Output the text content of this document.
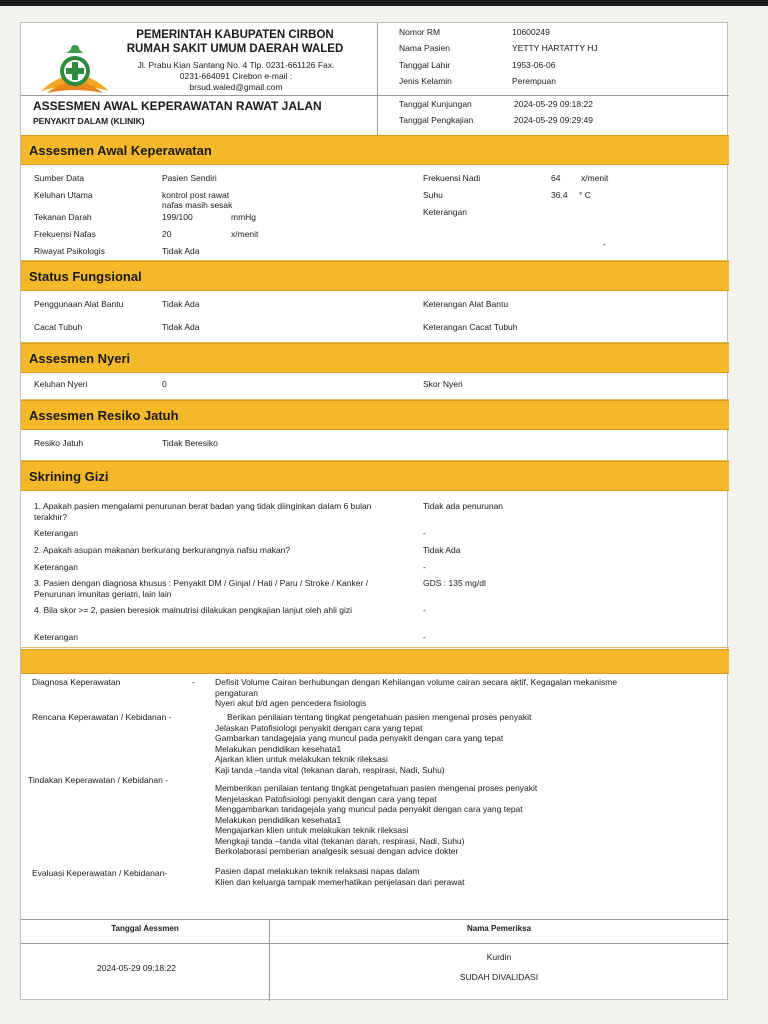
PEMERINTAH KABUPATEN CIRBON
RUMAH SAKIT UMUM DAERAH WALED
Jl. Prabu Kian Santang No. 4 Tlp. 0231-661126 Fax.
0231-664091 Cirebon e-mail :
brsud.waled@gmail.com
ASSESMEN AWAL KEPERAWATAN RAWAT JALAN
PENYAKIT DALAM (KLINIK)
Nomor RM	10600249
Nama Pasien	YETTY HARTATTY HJ
Tanggal Lahir	1953-06-06
Jenis Kelamin	Perempuan
Tanggal Kunjungan	2024-05-29 09:18:22
Tanggal Pengkajian	2024-05-29 09:29:49
Assesmen Awal Keperawatan
Sumber Data	Pasien Sendiri
Keluhan Utama	kontrol post rawat
nafas masih sesak
Tekanan Darah	199/100	mmHg
Frekuensi Nafas	20	x/menit
Riwayat Psikologis	Tidak Ada
Frekuensi Nadi	64 x/menit
Suhu	36.4 ° C
Keterangan
-
Status Fungsional
Penggunaan Alat Bantu	Tidak Ada	Keterangan Alat Bantu
Cacat Tubuh	Tidak Ada	Keterangan Cacat Tubuh
Assesmen Nyeri
Keluhan Nyeri	0	Skor Nyeri
Assesmen Resiko Jatuh
Resiko Jatuh	Tidak Beresiko
Skrining Gizi
1. Apakah pasien mengalami penurunan berat badan yang tidak diinginkan dalam 6 bulan terakhir?
Tidak ada penurunan
Keterangan	-
2. Apakah asupan makanan berkurang berkurangnya nafsu makan?	Tidak Ada
Keterangan	-
3. Pasien dengan diagnosa khusus : Penyakit DM / Ginjal / Hati / Paru / Stroke / Kanker / Penurunan imunitas geriatri, lain lain
GDS : 135 mg/dl
4. Bila skor >= 2, pasien beresiok malnutrisi dilakukan pengkajian lanjut oleh ahli gizi	-
Keterangan	-
Diagnosa Keperawatan	- Defisit Volume Cairan berhubungan dengan Kehilangan volume cairan secara aktif, Kegagalan mekanisme
pengaturan
Nyeri akut b/d agen pencedera fisiologis
Rencana Keperawatan / Kebidanan -	Berikan penilaian tentang tingkat pengetahuan pasien mengenai proses penyakit
Jelaskan Patofisiologi penyakit dengan cara yang tepat
Gambarkan tandagejala yang muncul pada penyakit dengan cara yang tepat
Melakukan pendidikan kesehata1
Ajarkan klien untuk melakukan teknik rileksasi
Kaji tanda –tanda vital (tekanan darah, respirasi, Nadi, Suhu)
Tindakan Keperawatan / Kebidanan -
Memberikan penilaian tentang tingkat pengetahuan pasien mengenai proses penyakit
Menjelaskan Patofisiologi penyakit dengan cara yang tepat
Menggambarkan tandagejala yang muncul pada penyakit dengan cara yang tepat
Melakukan pendidikan kesehata1
Mengajarkan klien untuk melakukan teknik rileksasi
Mengkaji tanda –tanda vital (tekanan darah, respirasi, Nadi, Suhu)
Berkolaborasi pemberian analgesik sesuai dengan advice dokter
Evaluasi Keperawatan / Kebidanan-	Pasien dapat melakukan teknik relaksasi napas dalam
Klien dan keluarga tampak memerhatikan penjelasan dari perawat
Tanggal Aessmen	Nama Pemeriksa
2024-05-29 09:18:22
Kurdin
SUDAH DIVALIDASI
